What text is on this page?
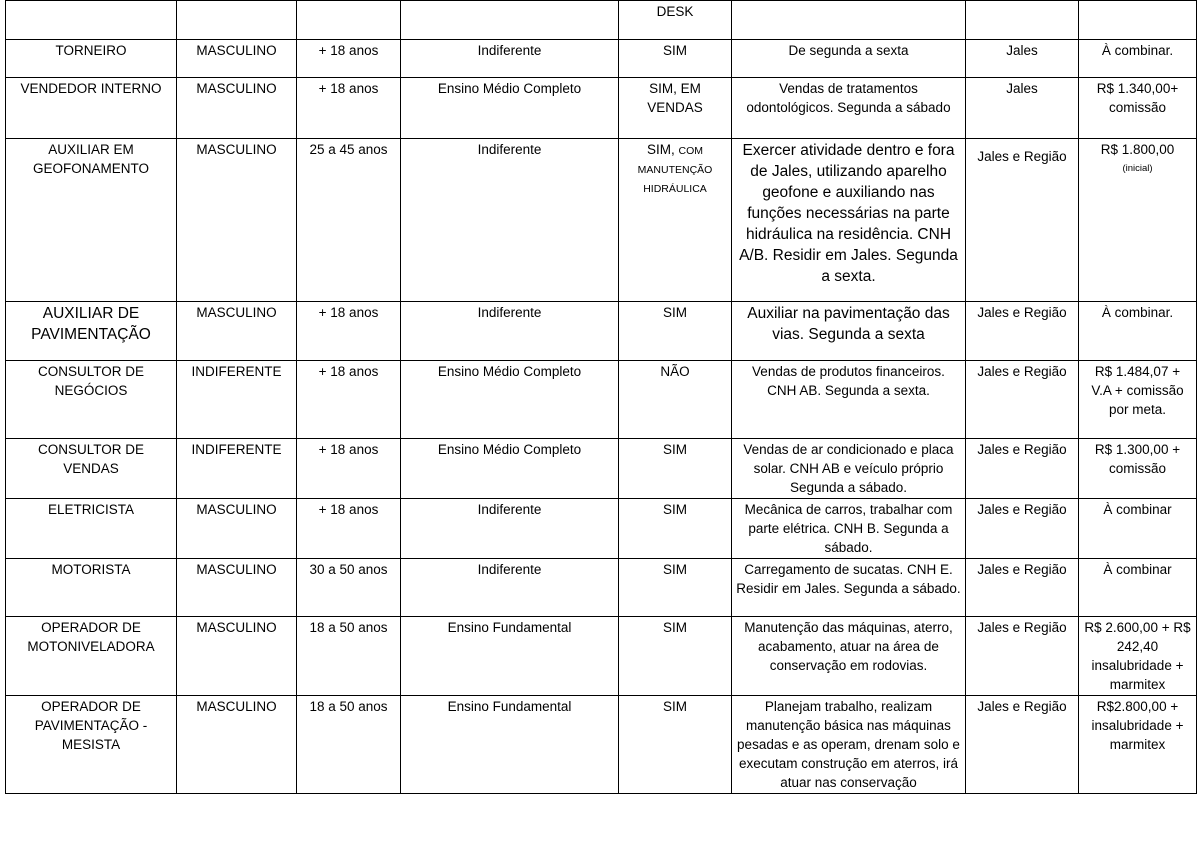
				DESK			
TORNEIRO	MASCULINO	+ 18 anos	Indiferente	SIM	De segunda a sexta	Jales	À combinar.
VENDEDOR INTERNO	MASCULINO	+ 18 anos	Ensino Médio Completo	SIM, EM VENDAS	Vendas de tratamentos odontológicos. Segunda a sábado	Jales	R$ 1.340,00+ comissão
AUXILIAR EM GEOFONAMENTO	MASCULINO	25 a 45 anos	Indiferente	SIM, COM MANUTENÇÃO HIDRÁULICA	Exercer atividade dentro e fora de Jales, utilizando aparelho geofone e auxiliando nas funções necessárias na parte hidráulica na residência. CNH A/B. Residir em Jales. Segunda a sexta.	Jales e Região	R$ 1.800,00
(inicial)

AUXILIAR DE PAVIMENTAÇÃO	MASCULINO	+ 18 anos	Indiferente	SIM	Auxiliar na pavimentação das vias. Segunda a sexta	Jales e Região	À combinar.
CONSULTOR DE NEGÓCIOS	INDIFERENTE	+ 18 anos	Ensino Médio Completo	NÃO	Vendas de produtos financeiros. CNH AB. Segunda a sexta.	Jales e Região	R$ 1.484,07 + V.A + comissão por meta.
CONSULTOR DE VENDAS	INDIFERENTE	+ 18 anos	Ensino Médio Completo	SIM	Vendas de ar condicionado e placa solar. CNH AB e veículo próprio Segunda a sábado.	Jales e Região	R$ 1.300,00 + comissão
ELETRICISTA	MASCULINO	+ 18 anos	Indiferente	SIM	Mecânica de carros, trabalhar com parte elétrica. CNH B. Segunda a sábado.	Jales e Região	À combinar
MOTORISTA	MASCULINO	30 a 50 anos	Indiferente	SIM	Carregamento de sucatas. CNH E. Residir em Jales. Segunda a sábado.	Jales e Região	À combinar
OPERADOR DE MOTONIVELADORA	MASCULINO	18 a 50 anos	Ensino Fundamental	SIM	Manutenção das máquinas, aterro, acabamento, atuar na área de conservação em rodovias.	Jales e Região	R$ 2.600,00 + R$ 242,40 insalubridade + marmitex
OPERADOR DE PAVIMENTAÇÃO - MESISTA	MASCULINO	18 a 50 anos	Ensino Fundamental	SIM	Planejam trabalho, realizam manutenção básica nas máquinas pesadas e as operam, drenam solo e executam construção em aterros, irá atuar nas conservação	Jales e Região	R$2.800,00 + insalubridade + marmitex
